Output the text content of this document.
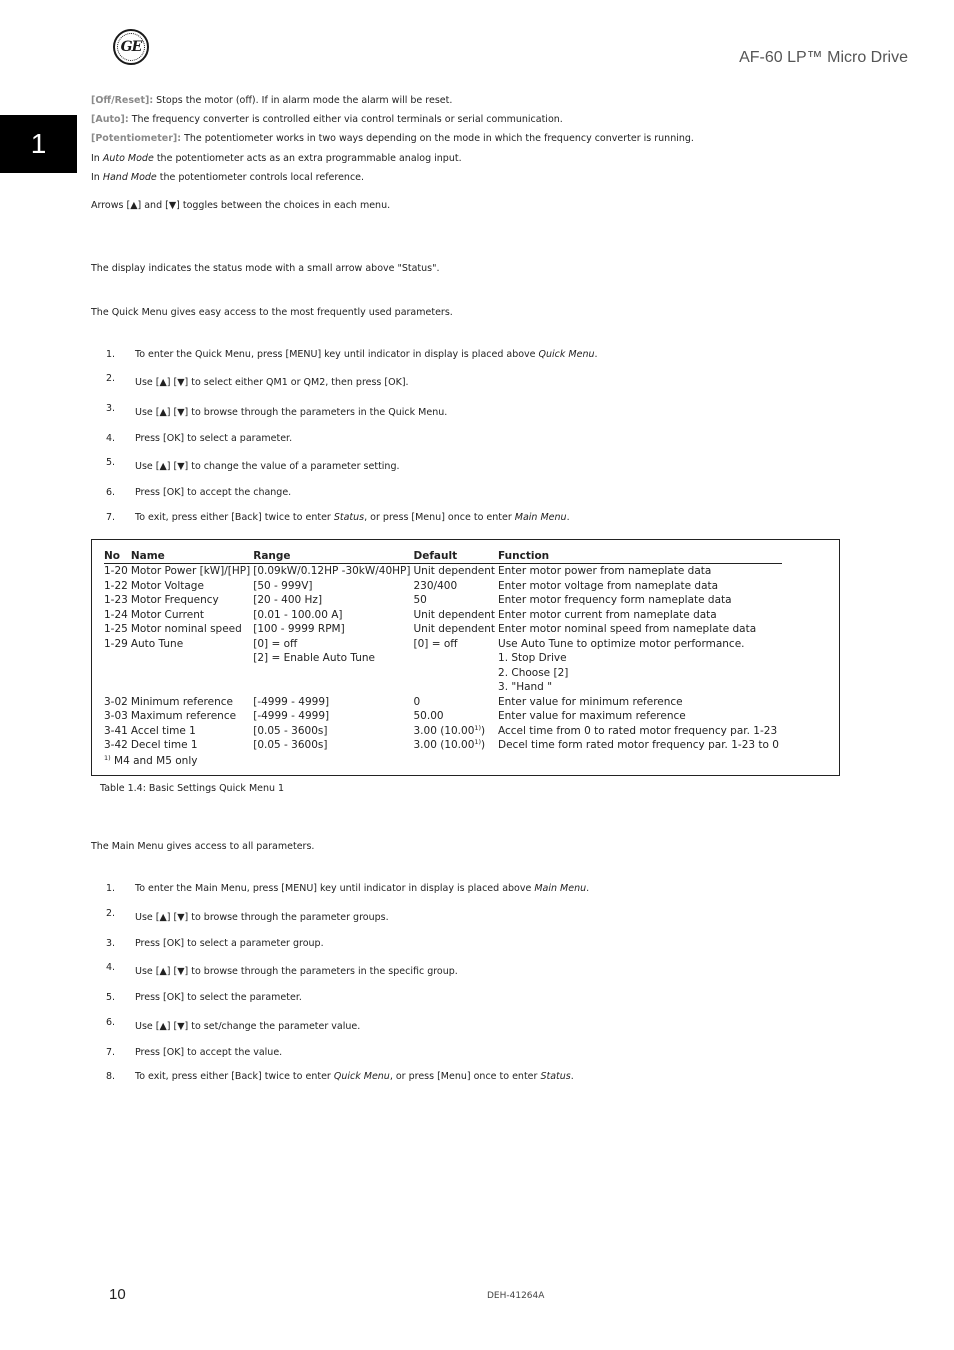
GE
AF-60 LP™ Micro Drive
1
[Off/Reset]: Stops the motor (off). If in alarm mode the alarm will be reset.
[Auto]: The frequency converter is controlled either via control terminals or serial communication.
[Potentiometer]: The potentiometer works in two ways depending on the mode in which the frequency converter is running.
In Auto Mode the potentiometer acts as an extra programmable analog input.
In Hand Mode the potentiometer controls local reference.
Arrows [▲] and [▼] toggles between the choices in each menu.
The display indicates the status mode with a small arrow above "Status".
The Quick Menu gives easy access to the most frequently used parameters.
1.	To enter the Quick Menu, press [MENU] key until indicator in display is placed above Quick Menu.
2.	Use [▲] [▼] to select either QM1 or QM2, then press [OK].
3.	Use [▲] [▼] to browse through the parameters in the Quick Menu.
4.	Press [OK] to select a parameter.
5.	Use [▲] [▼] to change the value of a parameter setting.
6.	Press [OK] to accept the change.
7.	To exit, press either [Back] twice to enter Status, or press [Menu] once to enter Main Menu.
No	Name	Range	Default	Function
1-20	Motor Power [kW]/[HP]	[0.09kW/0.12HP -30kW/40HP]	Unit dependent	Enter motor power from nameplate data
1-22	Motor Voltage	[50 - 999V]	230/400	Enter motor voltage from nameplate data
1-23	Motor Frequency	[20 - 400 Hz]	50	Enter motor frequency form nameplate data
1-24	Motor Current	[0.01 - 100.00 A]	Unit dependent	Enter motor current from nameplate data
1-25	Motor nominal speed	[100 - 9999 RPM]	Unit dependent	Enter motor nominal speed from nameplate data
1-29	Auto Tune	[0] = off	[0] = off	Use Auto Tune to optimize motor performance.
		[2] = Enable Auto Tune		1. Stop Drive
				2. Choose [2]
				3. "Hand "
3-02	Minimum reference	[-4999 - 4999]	0	Enter value for minimum reference
3-03	Maximum reference	[-4999 - 4999]	50.00	Enter value for maximum reference
3-41	Accel time 1	[0.05 - 3600s]	3.00 (10.00$^{1)}$)	Accel time from 0 to rated motor frequency par. 1-23
3-42	Decel time 1	[0.05 - 3600s]	3.00 (10.00$^{1)}$)	Decel time form rated motor frequency par. 1-23 to 0
$^{1)}$ M4 and M5 only				
Table 1.4: Basic Settings Quick Menu 1
The Main Menu gives access to all parameters.
1.	To enter the Main Menu, press [MENU] key until indicator in display is placed above Main Menu.
2.	Use [▲] [▼] to browse through the parameter groups.
3.	Press [OK] to select a parameter group.
4.	Use [▲] [▼] to browse through the parameters in the specific group.
5.	Press [OK] to select the parameter.
6.	Use [▲] [▼] to set/change the parameter value.
7.	Press [OK] to accept the value.
8.	To exit, press either [Back] twice to enter Quick Menu, or press [Menu] once to enter Status.
10	DEH-41264A
